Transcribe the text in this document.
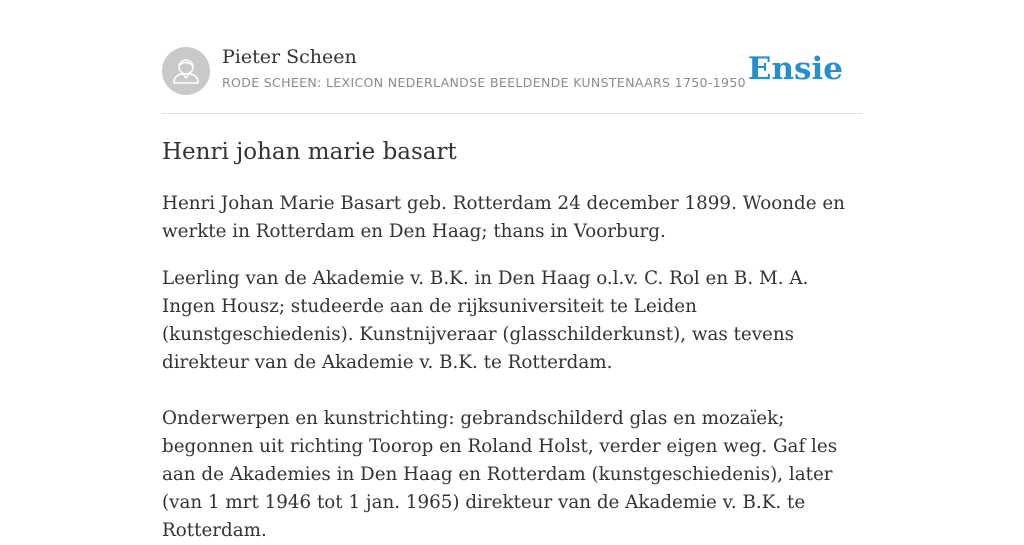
Pieter Scheen
RODE SCHEEN: LEXICON NEDERLANDSE BEELDENDE KUNSTENAARS 1750-1950 Ensie
Henri johan marie basart

Henri Johan Marie Basart geb. Rotterdam 24 december 1899. Woonde en werkte in Rotterdam en Den Haag; thans in Voorburg.

Leerling van de Akademie v. B.K. in Den Haag o.l.v. C. Rol en B. M. A. Ingen Housz; studeerde aan de rijksuniversiteit te Leiden (kunstgeschiedenis). Kunstnijveraar (glasschilderkunst), was tevens direkteur van de Akademie v. B.K. te Rotterdam.

Onderwerpen en kunstrichting: gebrandschilderd glas en mozaïek; begonnen uit richting Toorop en Roland Holst, verder eigen weg. Gaf les aan de Akademies in Den Haag en Rotterdam (kunstgeschiedenis), later (van 1 mrt 1946 tot 1 jan. 1965) direkteur van de Akademie v. B.K. te Rotterdam.
